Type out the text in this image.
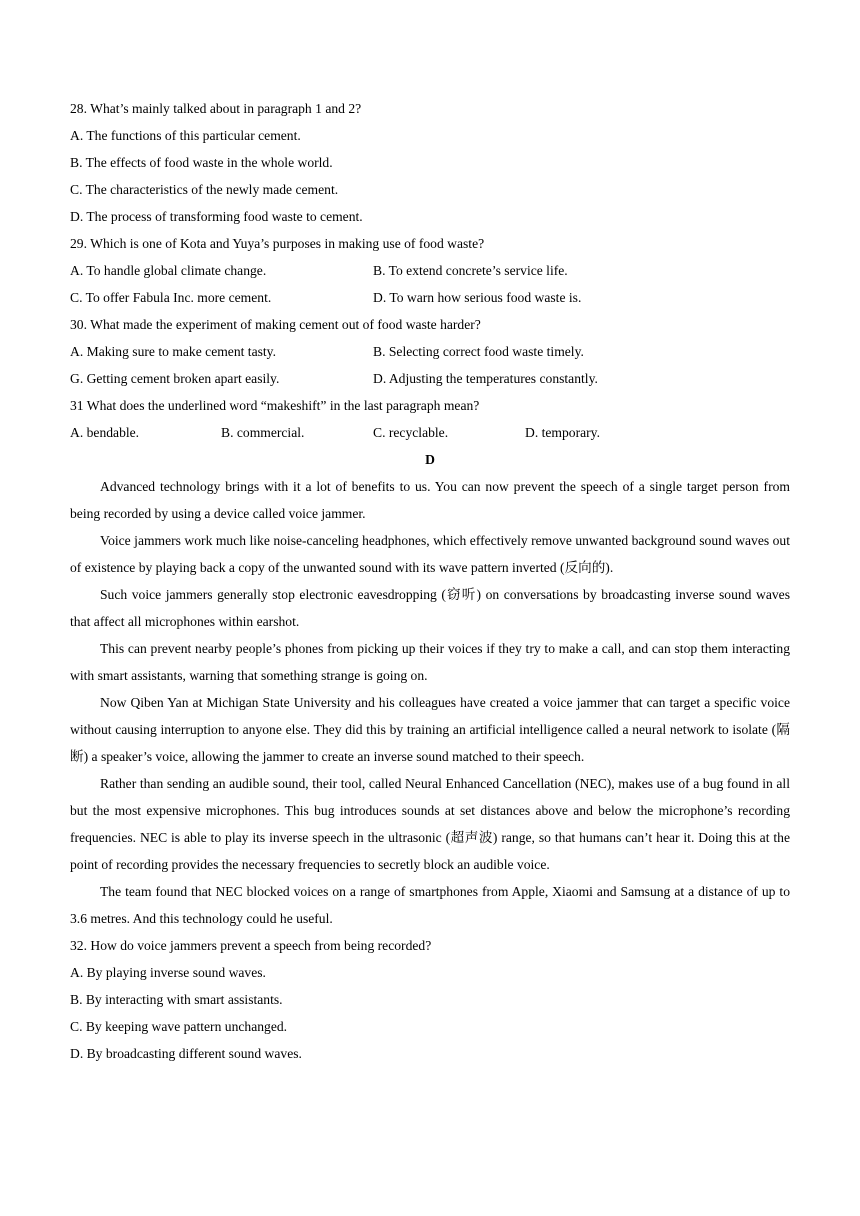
28. What’s mainly talked about in paragraph 1 and 2?
A. The functions of this particular cement.
B. The effects of food waste in the whole world.
C. The characteristics of the newly made cement.
D. The process of transforming food waste to cement.
29. Which is one of Kota and Yuya’s purposes in making use of food waste?
A. To handle global climate change.	B. To extend concrete’s service life.
C. To offer Fabula Inc. more cement.	D. To warn how serious food waste is.
30. What made the experiment of making cement out of food waste harder?
A. Making sure to make cement tasty.	B. Selecting correct food waste timely.
G. Getting cement broken apart easily.	D. Adjusting the temperatures constantly.
31 What does the underlined word “makeshift” in the last paragraph mean?
A. bendable.	B. commercial.	C. recyclable.	D. temporary.
D

Advanced technology brings with it a lot of benefits to us. You can now prevent the speech of a single target person from being recorded by using a device called voice jammer.

Voice jammers work much like noise-canceling headphones, which effectively remove unwanted background sound waves out of existence by playing back a copy of the unwanted sound with its wave pattern inverted (反向的).

Such voice jammers generally stop electronic eavesdropping (窃听) on conversations by broadcasting inverse sound waves that affect all microphones within earshot.

This can prevent nearby people’s phones from picking up their voices if they try to make a call, and can stop them interacting with smart assistants, warning that something strange is going on.

Now Qiben Yan at Michigan State University and his colleagues have created a voice jammer that can target a specific voice without causing interruption to anyone else. They did this by training an artificial intelligence called a neural network to isolate (隔断) a speaker’s voice, allowing the jammer to create an inverse sound matched to their speech.

Rather than sending an audible sound, their tool, called Neural Enhanced Cancellation (NEC), makes use of a bug found in all but the most expensive microphones. This bug introduces sounds at set distances above and below the microphone’s recording frequencies. NEC is able to play its inverse speech in the ultrasonic (超声波) range, so that humans can’t hear it. Doing this at the point of recording provides the necessary frequencies to secretly block an audible voice.

The team found that NEC blocked voices on a range of smartphones from Apple, Xiaomi and Samsung at a distance of up to 3.6 metres. And this technology could he useful.

32. How do voice jammers prevent a speech from being recorded?
A. By playing inverse sound waves.
B. By interacting with smart assistants.
C. By keeping wave pattern unchanged.
D. By broadcasting different sound waves.
